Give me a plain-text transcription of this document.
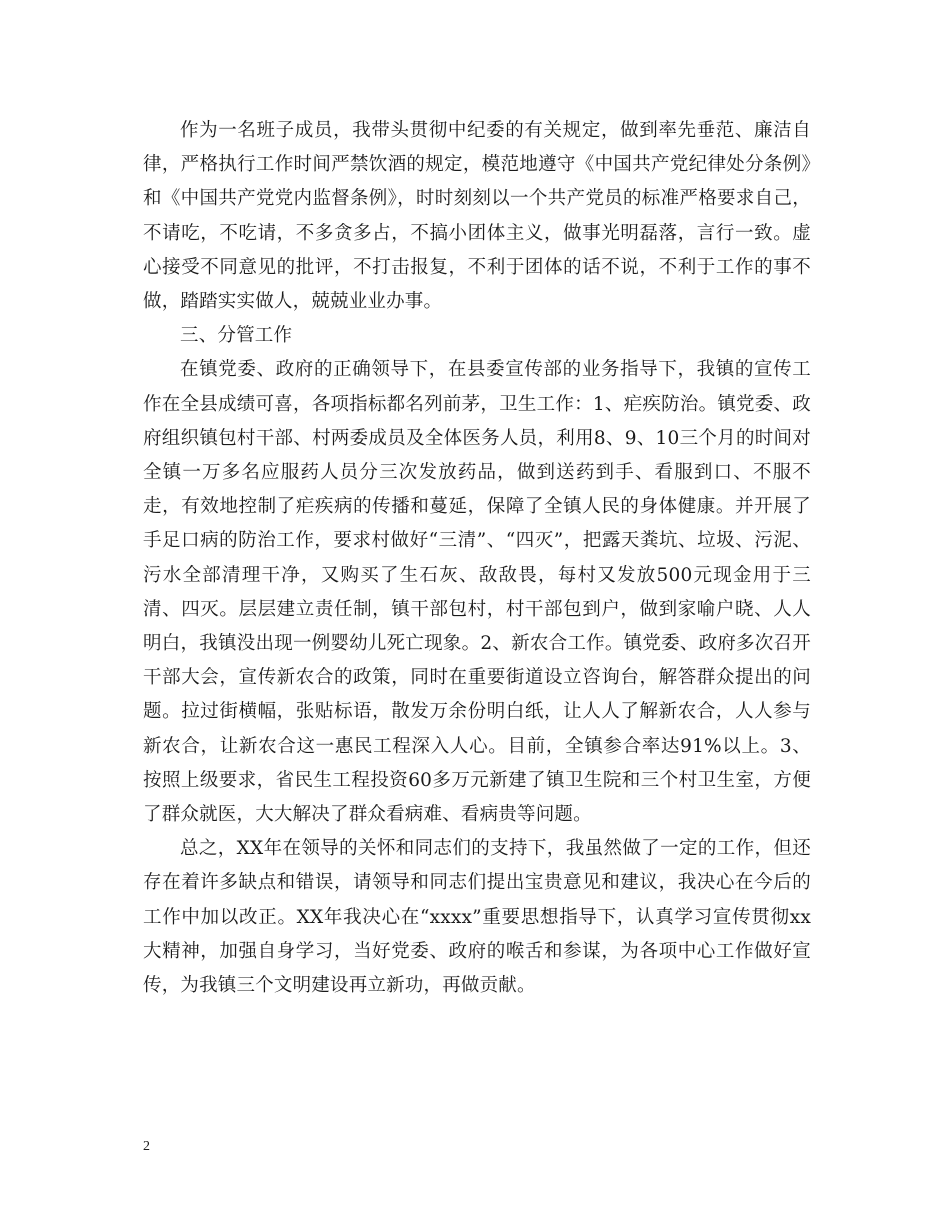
作为一名班子成员，我带头贯彻中纪委的有关规定，做到率先垂范、廉洁自律，严格执行工作时间严禁饮酒的规定，模范地遵守《中国共产党纪律处分条例》和《中国共产党党内监督条例》，时时刻刻以一个共产党员的标准严格要求自己，不请吃，不吃请，不多贪多占，不搞小团体主义，做事光明磊落，言行一致。虚心接受不同意见的批评，不打击报复，不利于团体的话不说，不利于工作的事不做，踏踏实实做人，兢兢业业办事。

三、分管工作

在镇党委、政府的正确领导下，在县委宣传部的业务指导下，我镇的宣传工作在全县成绩可喜，各项指标都名列前茅，卫生工作：1、疟疾防治。镇党委、政府组织镇包村干部、村两委成员及全体医务人员，利用8、9、10三个月的时间对全镇一万多名应服药人员分三次发放药品，做到送药到手、看服到口、不服不走，有效地控制了疟疾病的传播和蔓延，保障了全镇人民的身体健康。并开展了手足口病的防治工作，要求村做好“三清”、“四灭”，把露天粪坑、垃圾、污泥、污水全部清理干净，又购买了生石灰、敌敌畏，每村又发放500元现金用于三清、四灭。层层建立责任制，镇干部包村，村干部包到户，做到家喻户晓、人人明白，我镇没出现一例婴幼儿死亡现象。2、新农合工作。镇党委、政府多次召开干部大会，宣传新农合的政策，同时在重要街道设立咨询台，解答群众提出的问题。拉过街横幅，张贴标语，散发万余份明白纸，让人人了解新农合，人人参与新农合，让新农合这一惠民工程深入人心。目前，全镇参合率达91%以上。3、按照上级要求，省民生工程投资60多万元新建了镇卫生院和三个村卫生室，方便了群众就医，大大解决了群众看病难、看病贵等问题。

总之，XX年在领导的关怀和同志们的支持下，我虽然做了一定的工作，但还存在着许多缺点和错误，请领导和同志们提出宝贵意见和建议，我决心在今后的工作中加以改正。XX年我决心在“xxxx”重要思想指导下，认真学习宣传贯彻xx大精神，加强自身学习，当好党委、政府的喉舌和参谋，为各项中心工作做好宣传，为我镇三个文明建设再立新功，再做贡献。

2
